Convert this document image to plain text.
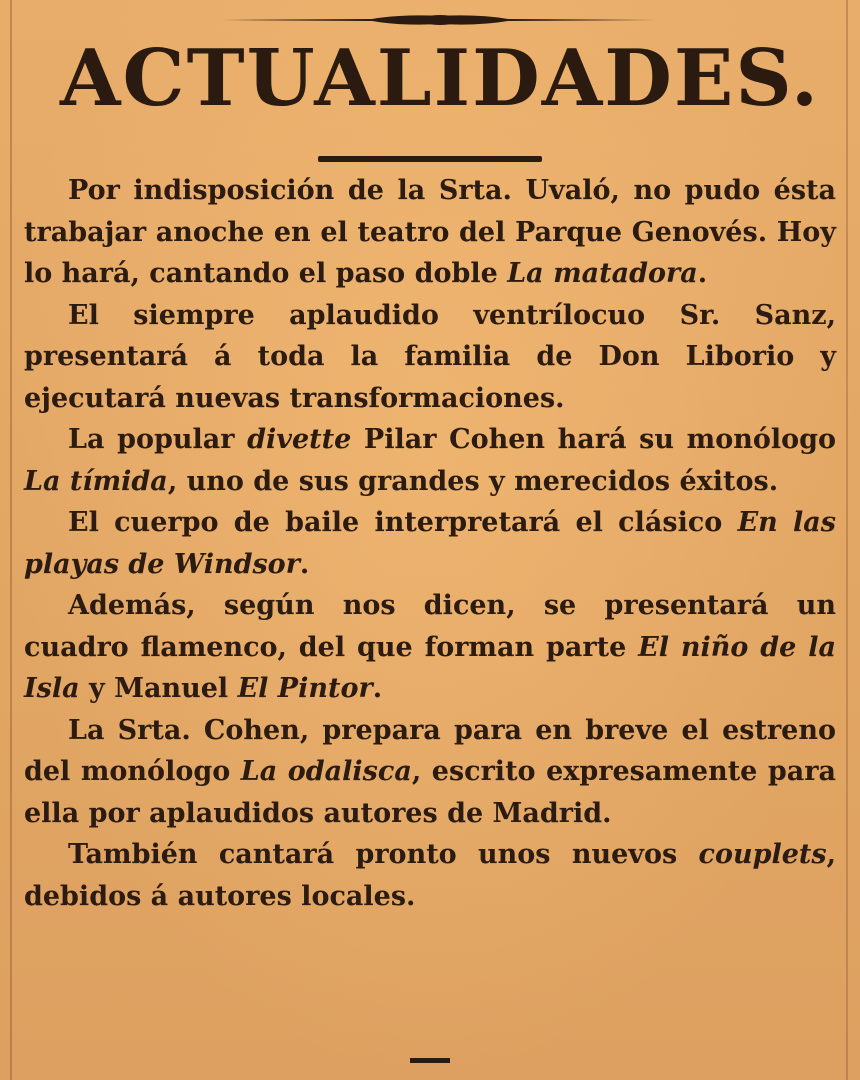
ACTUALIDADES.

Por indisposición de la Srta. Uvaló, no pudo ésta trabajar anoche en el teatro del Parque Genovés. Hoy lo hará, cantando el paso doble La matadora.

El siempre aplaudido ventrílocuo Sr. Sanz, presentará á toda la familia de Don Liborio y ejecutará nuevas transformaciones.

La popular divette Pilar Cohen hará su monólogo La tímida, uno de sus grandes y merecidos éxitos.

El cuerpo de baile interpretará el clásico En las playas de Windsor.

Además, según nos dicen, se presentará un cuadro flamenco, del que forman parte El niño de la Isla y Manuel El Pintor.

La Srta. Cohen, prepara para en breve el estreno del monólogo La odalisca, escrito expresamente para ella por aplaudidos autores de Madrid.

También cantará pronto unos nuevos couplets, debidos á autores locales.
